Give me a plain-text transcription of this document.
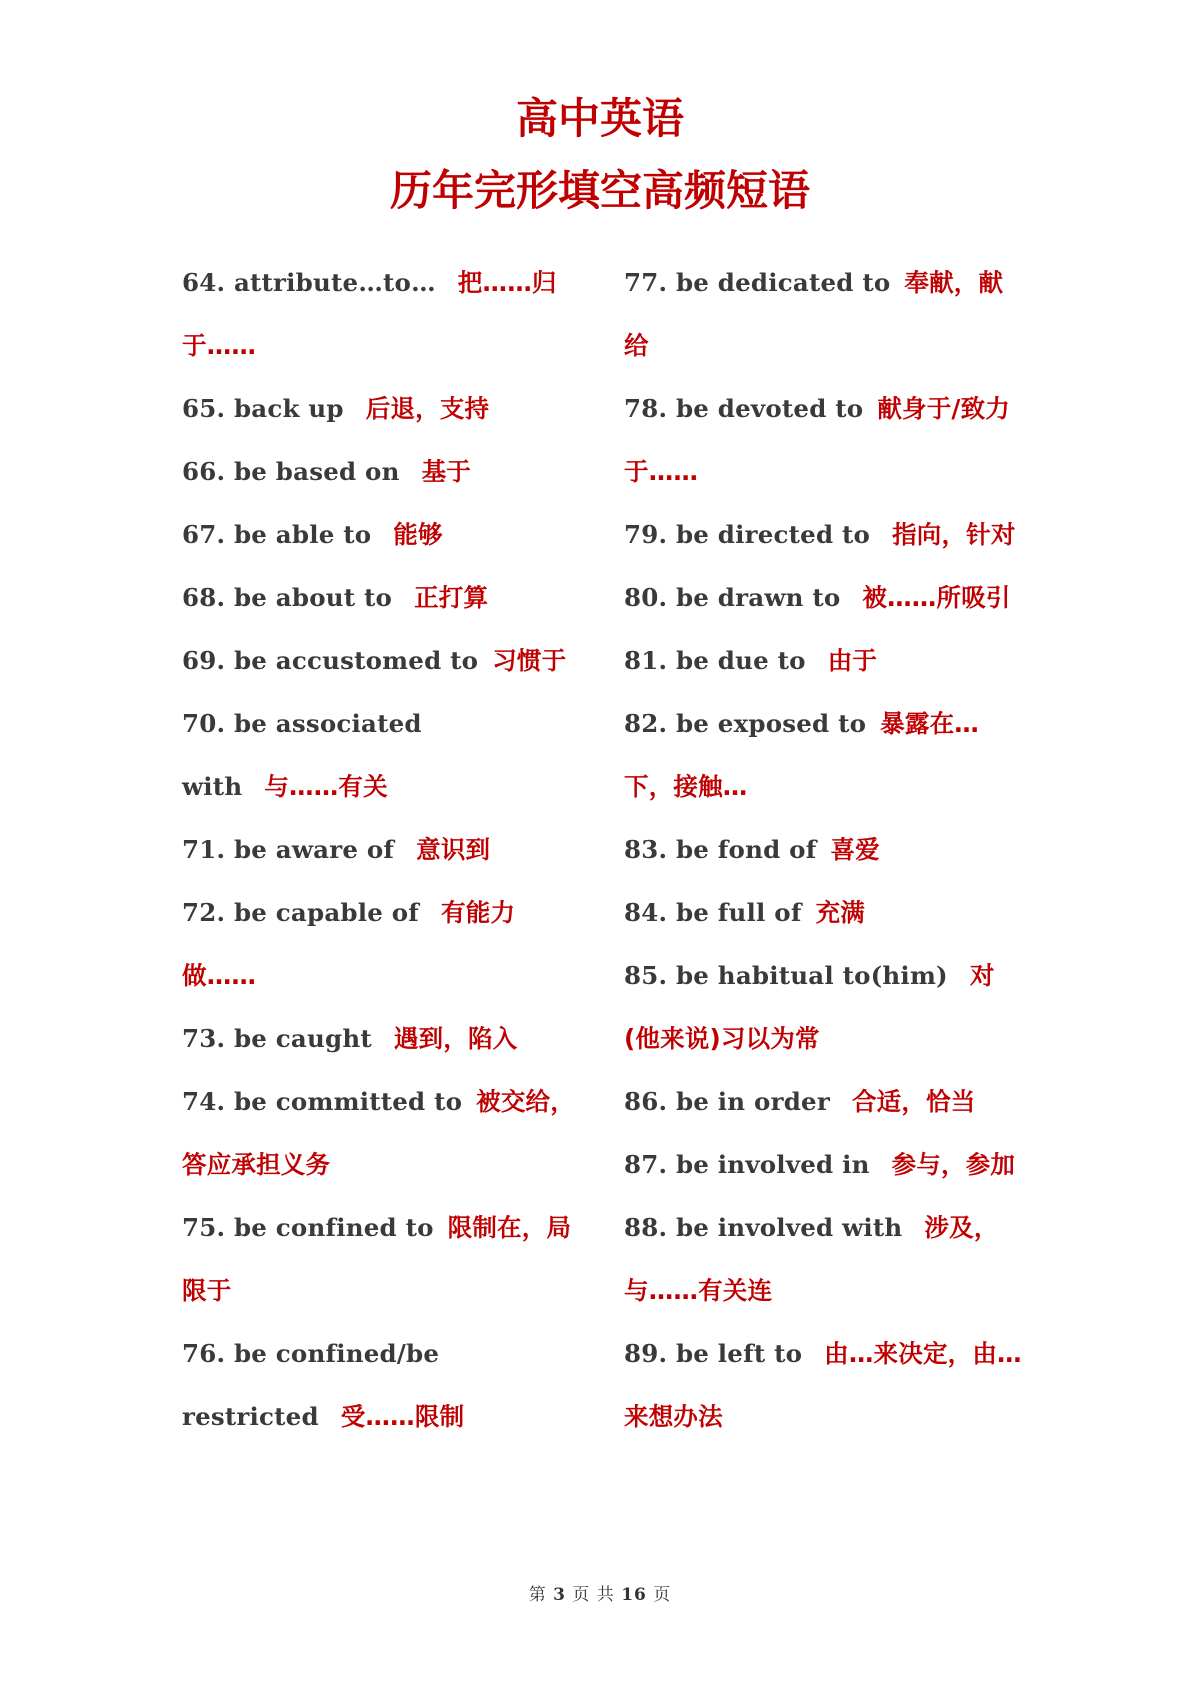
高中英语
历年完形填空高频短语
64. attribute…to… 把……归
于……
65. back up 后退，支持
66. be based on 基于
67. be able to 能够
68. be about to 正打算
69. be accustomed to 习惯于
70. be associated
with 与……有关
71. be aware of 意识到
72. be capable of 有能力
做……
73. be caught 遇到，陷入
74. be committed to 被交给，
答应承担义务
75. be confined to 限制在，局
限于
76. be confined/be
restricted 受……限制
77. be dedicated to 奉献，献
给
78. be devoted to 献身于/致力
于……
79. be directed to 指向，针对
80. be drawn to 被……所吸引
81. be due to 由于
82. be exposed to 暴露在…
下，接触…
83. be fond of 喜爱
84. be full of 充满
85. be habitual to(him) 对
(他来说)习以为常
86. be in order 合适，恰当
87. be involved in 参与，参加
88. be involved with 涉及，
与……有关连
89. be left to 由…来决定，由…
来想办法
第 3 页 共 16 页
